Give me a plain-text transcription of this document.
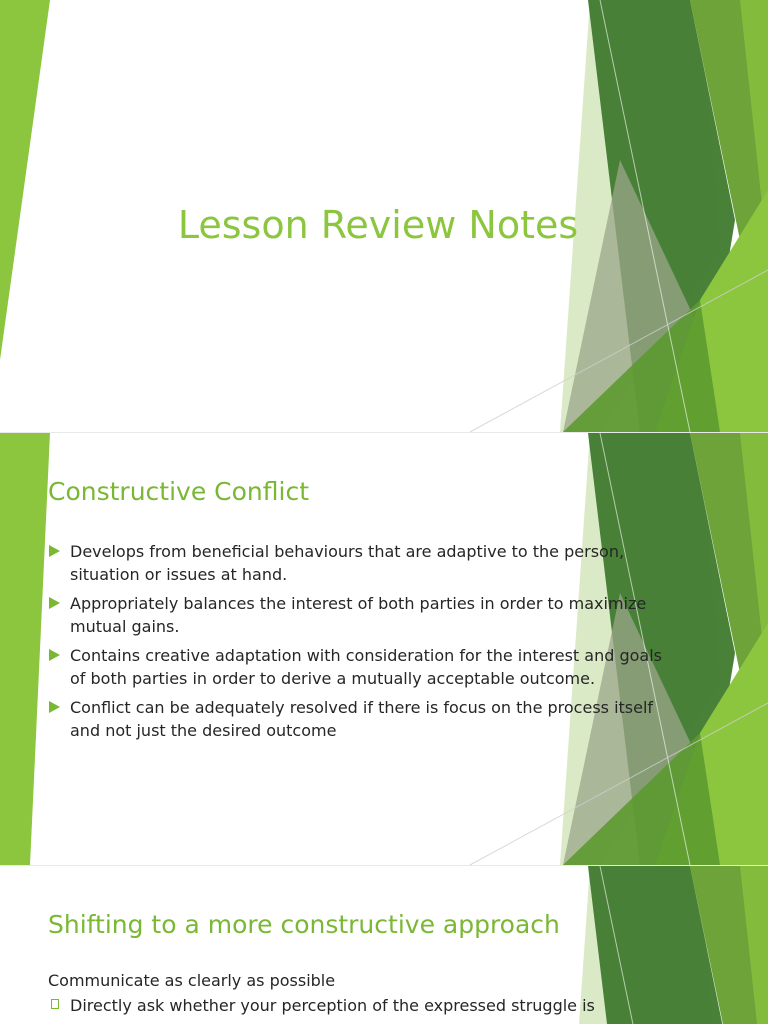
Lesson Review Notes
Constructive Conflict
Develops from beneficial behaviours that are adaptive to the person, situation or issues at hand.
Appropriately balances the interest of both parties in order to maximize mutual gains.
Contains creative adaptation with consideration for the interest and goals of both parties in order to derive a mutually acceptable outcome.
Conflict can be adequately resolved if there is focus on the process itself and not just the desired outcome
Shifting to a more constructive approach

Communicate as clearly as possible

Directly ask whether your perception of the expressed struggle is
